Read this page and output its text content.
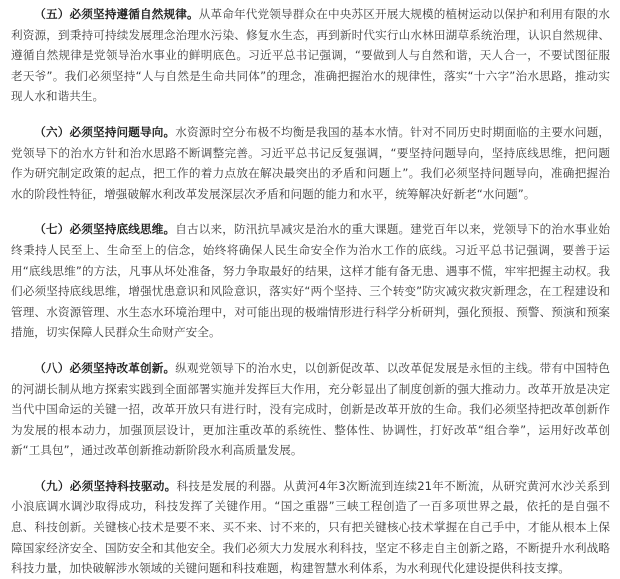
（五）必须坚持遵循自然规律。从革命年代党领导群众在中央苏区开展大规模的植树运动以保护和利用有限的水利资源，到秉持可持续发展理念治理水污染、修复水生态，再到新时代实行山水林田湖草系统治理，认识自然规律、遵循自然规律是党领导治水事业的鲜明底色。习近平总书记强调，“要做到人与自然和谐，天人合一，不要试图征服老天爷”。我们必须坚持“人与自然是生命共同体”的理念，准确把握治水的规律性，落实“十六字”治水思路，推动实现人水和谐共生。

（六）必须坚持问题导向。水资源时空分布极不均衡是我国的基本水情。针对不同历史时期面临的主要水问题，党领导下的治水方针和治水思路不断调整完善。习近平总书记反复强调，“要坚持问题导向，坚持底线思维，把问题作为研究制定政策的起点，把工作的着力点放在解决最突出的矛盾和问题上”。我们必须坚持问题导向，准确把握治水的阶段性特征，增强破解水利改革发展深层次矛盾和问题的能力和水平，统筹解决好新老“水问题”。

（七）必须坚持底线思维。自古以来，防汛抗旱减灾是治水的重大课题。建党百年以来，党领导下的治水事业始终秉持人民至上、生命至上的信念，始终将确保人民生命安全作为治水工作的底线。习近平总书记强调，要善于运用“底线思维”的方法，凡事从坏处准备，努力争取最好的结果，这样才能有备无患、遇事不慌，牢牢把握主动权。我们必须坚持底线思维，增强忧患意识和风险意识，落实好“两个坚持、三个转变”防灾减灾救灾新理念，在工程建设和管理、水资源管理、水生态水环境治理中，对可能出现的极端情形进行科学分析研判，强化预报、预警、预演和预案措施，切实保障人民群众生命财产安全。

（八）必须坚持改革创新。纵观党领导下的治水史，以创新促改革、以改革促发展是永恒的主线。带有中国特色的河湖长制从地方探索实践到全面部署实施并发挥巨大作用，充分彰显出了制度创新的强大推动力。改革开放是决定当代中国命运的关键一招，改革开放只有进行时，没有完成时，创新是改革开放的生命。我们必须坚持把改革创新作为发展的根本动力，加强顶层设计，更加注重改革的系统性、整体性、协调性，打好改革“组合拳”，运用好改革创新“工具包”，通过改革创新推动新阶段水利高质量发展。

（九）必须坚持科技驱动。科技是发展的利器。从黄河4年3次断流到连续21年不断流，从研究黄河水沙关系到小浪底调水调沙取得成功，科技发挥了关键作用。“国之重器”三峡工程创造了一百多项世界之最，依托的是自强不息、科技创新。关键核心技术是要不来、买不来、讨不来的，只有把关键核心技术掌握在自己手中，才能从根本上保障国家经济安全、国防安全和其他安全。我们必须大力发展水利科技，坚定不移走自主创新之路，不断提升水利战略科技力量，加快破解涉水领域的关键问题和科技难题，构建智慧水利体系，为水利现代化建设提供科技支撑。
